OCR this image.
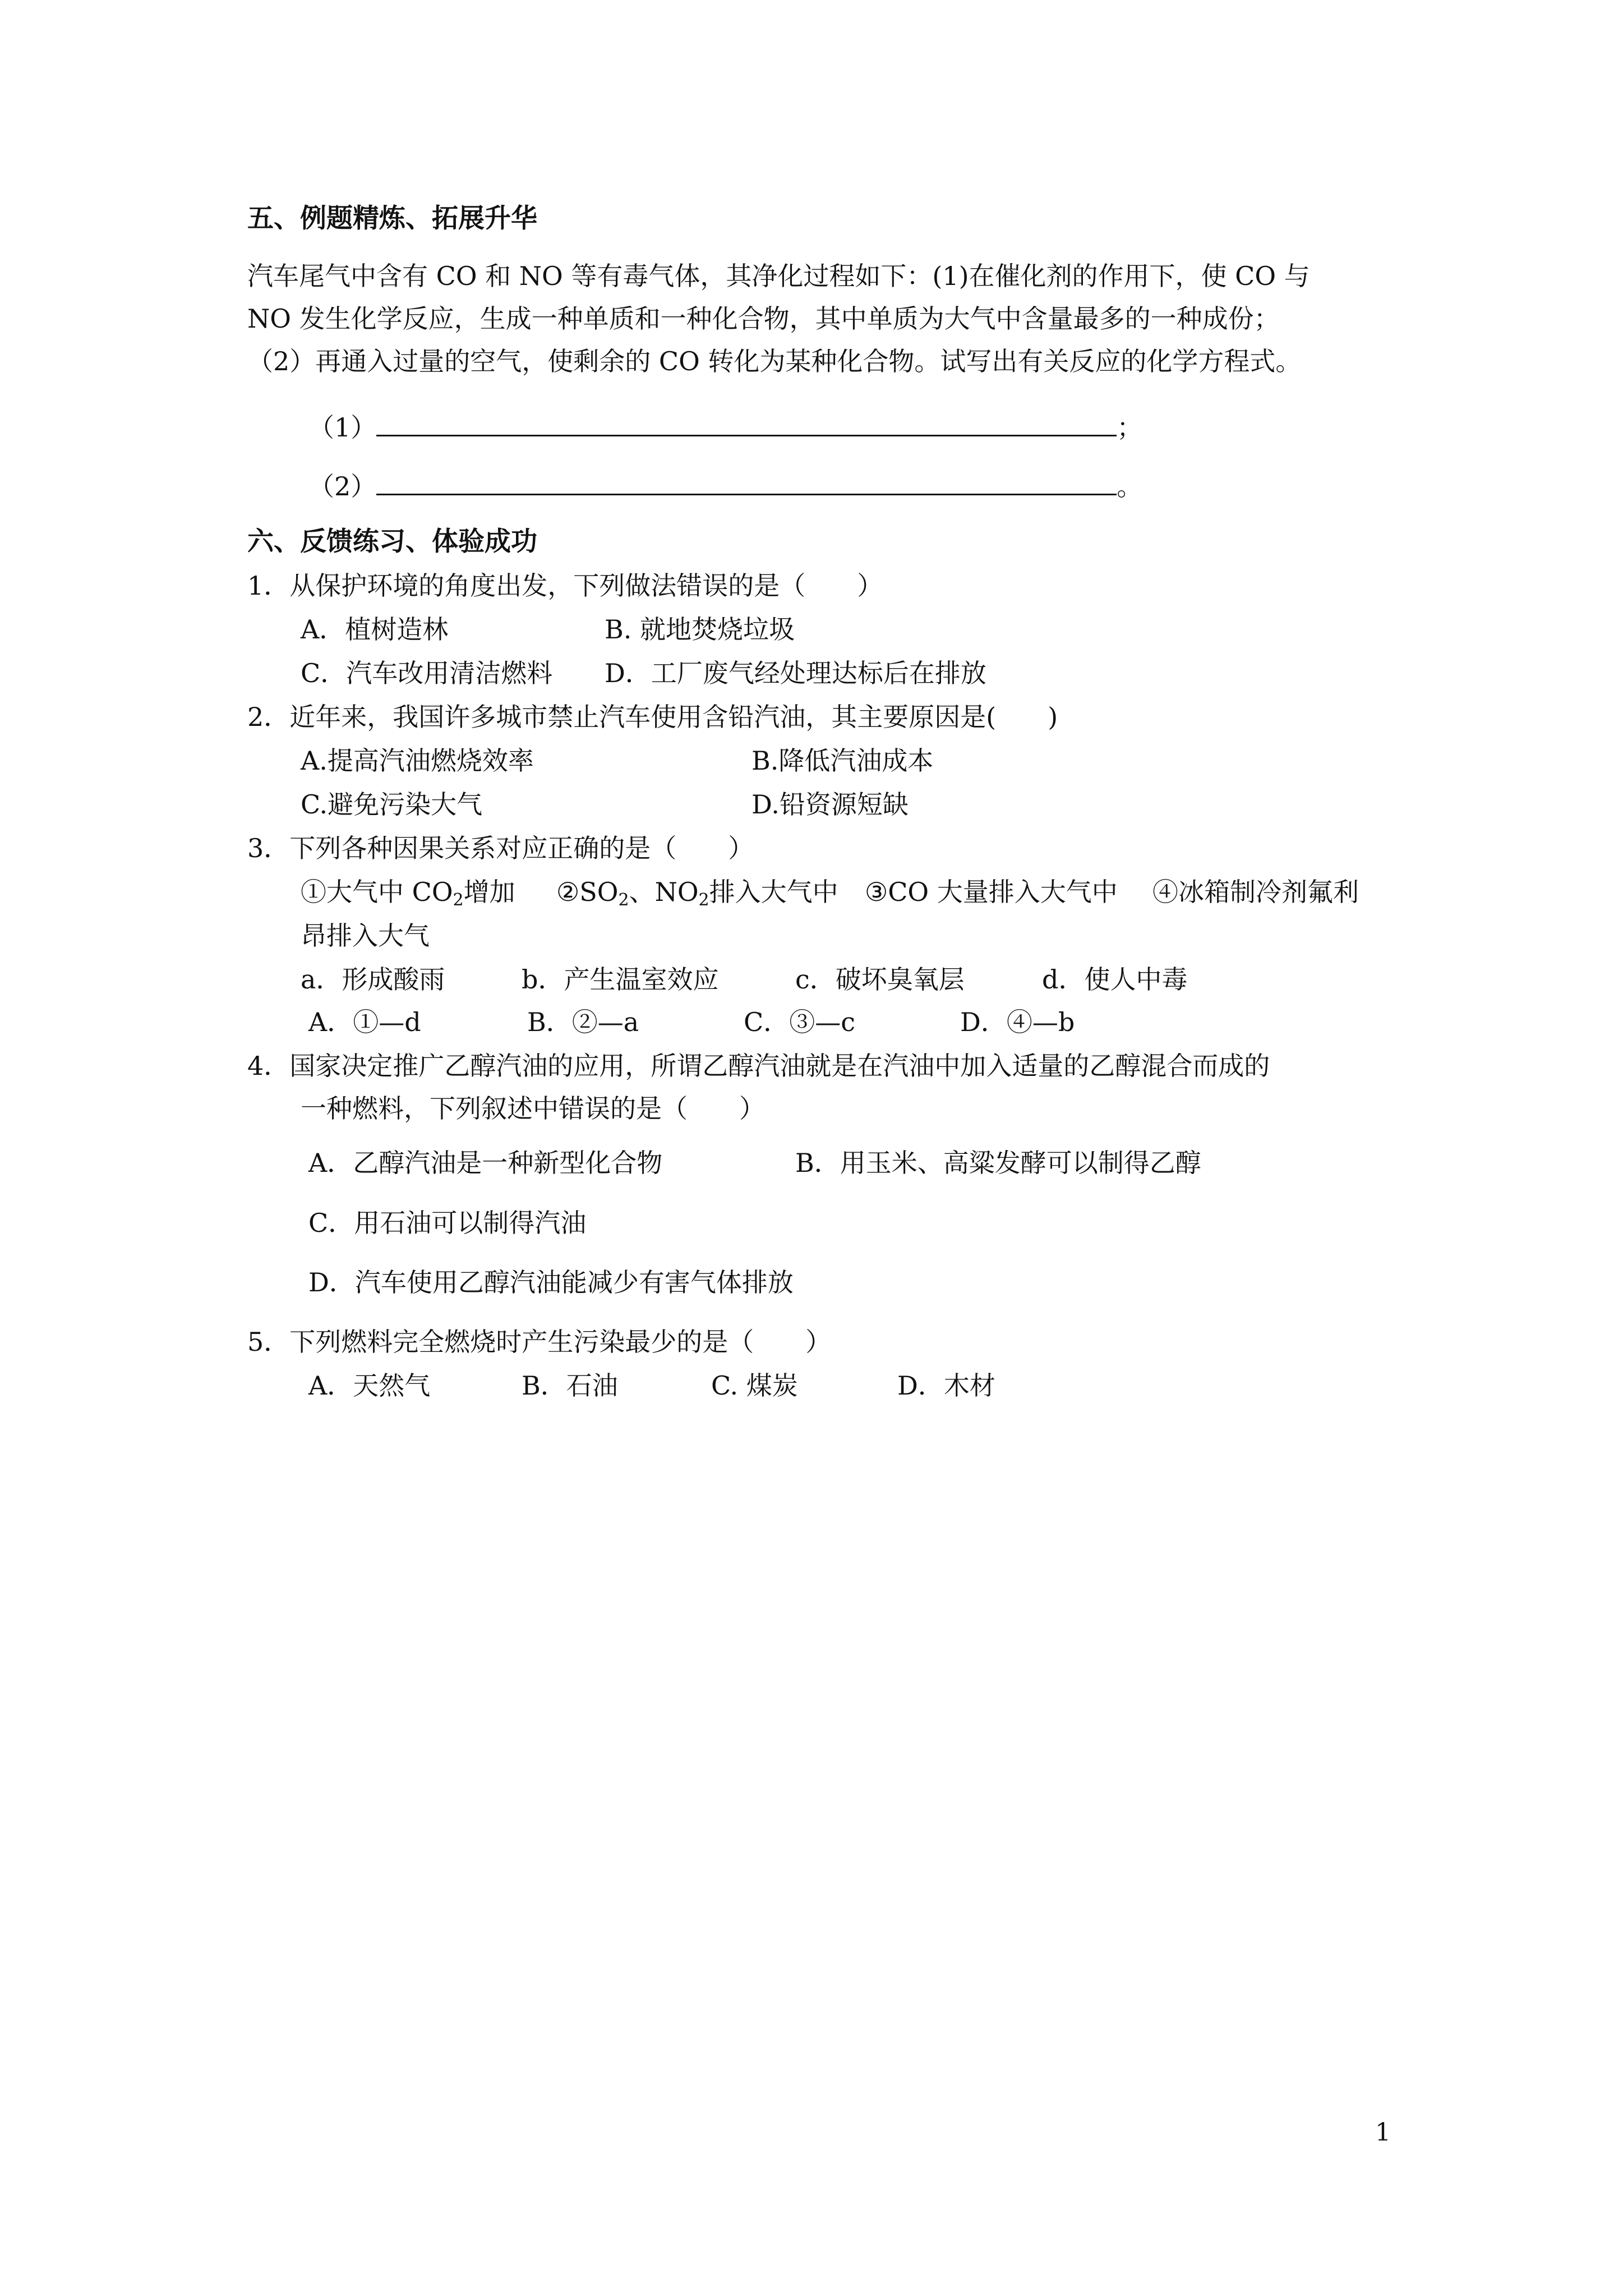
五、例题精炼、拓展升华
汽车尾气中含有 CO 和 NO 等有毒气体，其净化过程如下：(1)在催化剂的作用下，使 CO 与
NO 发生化学反应，生成一种单质和一种化合物，其中单质为大气中含量最多的一种成份；
（2）再通入过量的空气，使剩余的 CO 转化为某种化合物。试写出有关反应的化学方程式。
（1）	；
（2）	。
六、反馈练习、体验成功
1．从保护环境的角度出发，下列做法错误的是（　　）
A．植树造林	B. 就地焚烧垃圾
C．汽车改用清洁燃料 D．工厂废气经处理达标后在排放
2．近年来，我国许多城市禁止汽车使用含铅汽油，其主要原因是(　　)
A.提高汽油燃烧效率	B.降低汽油成本
C.避免污染大气	D.铅资源短缺
3．下列各种因果关系对应正确的是（　　）
①大气中 $CO_2$增加 $②SO_2$、$NO_2$排入大气中 ③CO 大量排入大气中 ④冰箱制冷剂氟利
昂排入大气
a．形成酸雨	b．产生温室效应	c．破坏臭氧层	d．使人中毒
A．①—d	B．②—a	C．③—c	D．④—b
4．国家决定推广乙醇汽油的应用，所谓乙醇汽油就是在汽油中加入适量的乙醇混合而成的
一种燃料，下列叙述中错误的是（　　）
A．乙醇汽油是一种新型化合物	B．用玉米、高粱发酵可以制得乙醇
C．用石油可以制得汽油
D．汽车使用乙醇汽油能减少有害气体排放
5．下列燃料完全燃烧时产生污染最少的是（　　）
A．天然气	B．石油	C. 煤炭	D．木材
1
